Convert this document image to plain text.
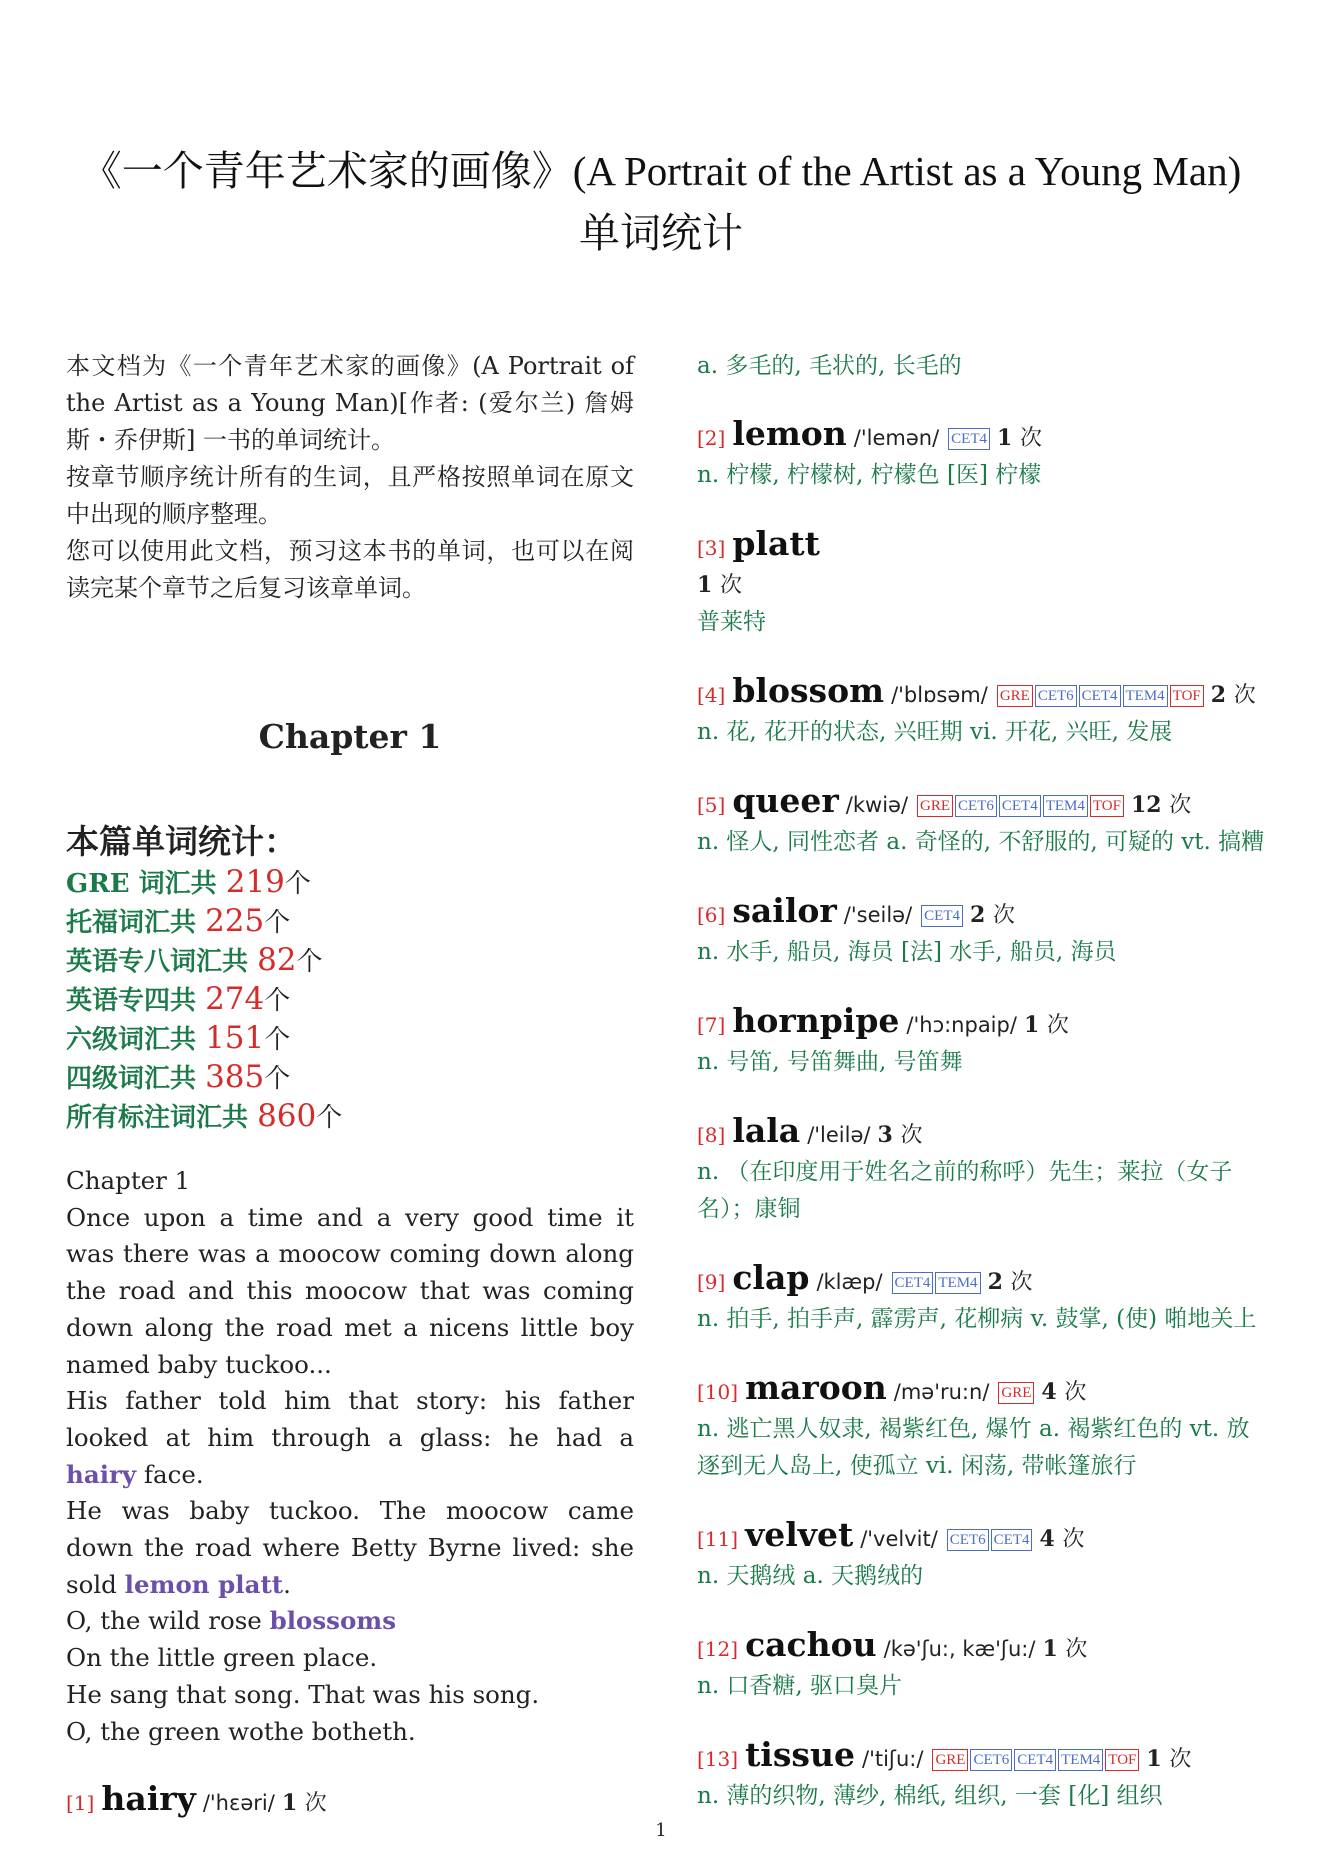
《一个青年艺术家的画像》(A Portrait of the Artist as a Young Man)
单词统计

本文档为《一个青年艺术家的画像》(A Portrait of the Artist as a Young Man)[作者: (爱尔兰) 詹姆斯・乔伊斯] 一书的单词统计。

按章节顺序统计所有的生词，且严格按照单词在原文中出现的顺序整理。

您可以使用此文档，预习这本书的单词，也可以在阅读完某个章节之后复习该章单词。

Chapter 1
本篇单词统计：
GRE 词汇共 219个
托福词汇共 225个
英语专八词汇共 82个
英语专四共 274个
六级词汇共 151个
四级词汇共 385个
所有标注词汇共 860个

Chapter 1

Once upon a time and a very good time it was there was a moocow coming down along the road and this moocow that was coming down along the road met a nicens little boy named baby tuckoo...

His father told him that story: his father looked at him through a glass: he had a hairy face.

He was baby tuckoo. The moocow came down the road where Betty Byrne lived: she sold lemon platt.

O, the wild rose blossoms

On the little green place.

He sang that song. That was his song.

O, the green wothe botheth.

[1] hairy /'hɛəri/ 1 次
a. 多毛的, 毛状的, 长毛的
[2] lemon /'lemən/ CET4 1 次
n. 柠檬, 柠檬树, 柠檬色 [医] 柠檬
[3] platt
1 次
普莱特
[4] blossom /'blɒsəm/ GRE CET6 CET4 TEM4 TOF 2 次
n. 花, 花开的状态, 兴旺期 vi. 开花, 兴旺, 发展
[5] queer /kwiə/ GRE CET6 CET4 TEM4 TOF 12 次
n. 怪人, 同性恋者 a. 奇怪的, 不舒服的, 可疑的 vt. 搞糟
[6] sailor /'seilə/ CET4 2 次
n. 水手, 船员, 海员 [法] 水手, 船员, 海员
[7] hornpipe /'hɔ:npaip/ 1 次
n. 号笛, 号笛舞曲, 号笛舞
[8] lala /'leilə/ 3 次
n. （在印度用于姓名之前的称呼）先生；莱拉（女子名）；康铜
[9] clap /klæp/ CET4 TEM4 2 次
n. 拍手, 拍手声, 霹雳声, 花柳病 v. 鼓掌, (使) 啪地关上
[10] maroon /mə'ru:n/ GRE 4 次
n. 逃亡黑人奴隶, 褐紫红色, 爆竹 a. 褐紫红色的 vt. 放逐到无人岛上, 使孤立 vi. 闲荡, 带帐篷旅行
[11] velvet /'velvit/ CET6 CET4 4 次
n. 天鹅绒 a. 天鹅绒的
[12] cachou /kə'ʃu:, kæ'ʃu:/ 1 次
n. 口香糖, 驱口臭片
[13] tissue /'tiʃu:/ GRE CET6 CET4 TEM4 TOF 1 次
n. 薄的织物, 薄纱, 棉纸, 组织, 一套 [化] 组织
1
